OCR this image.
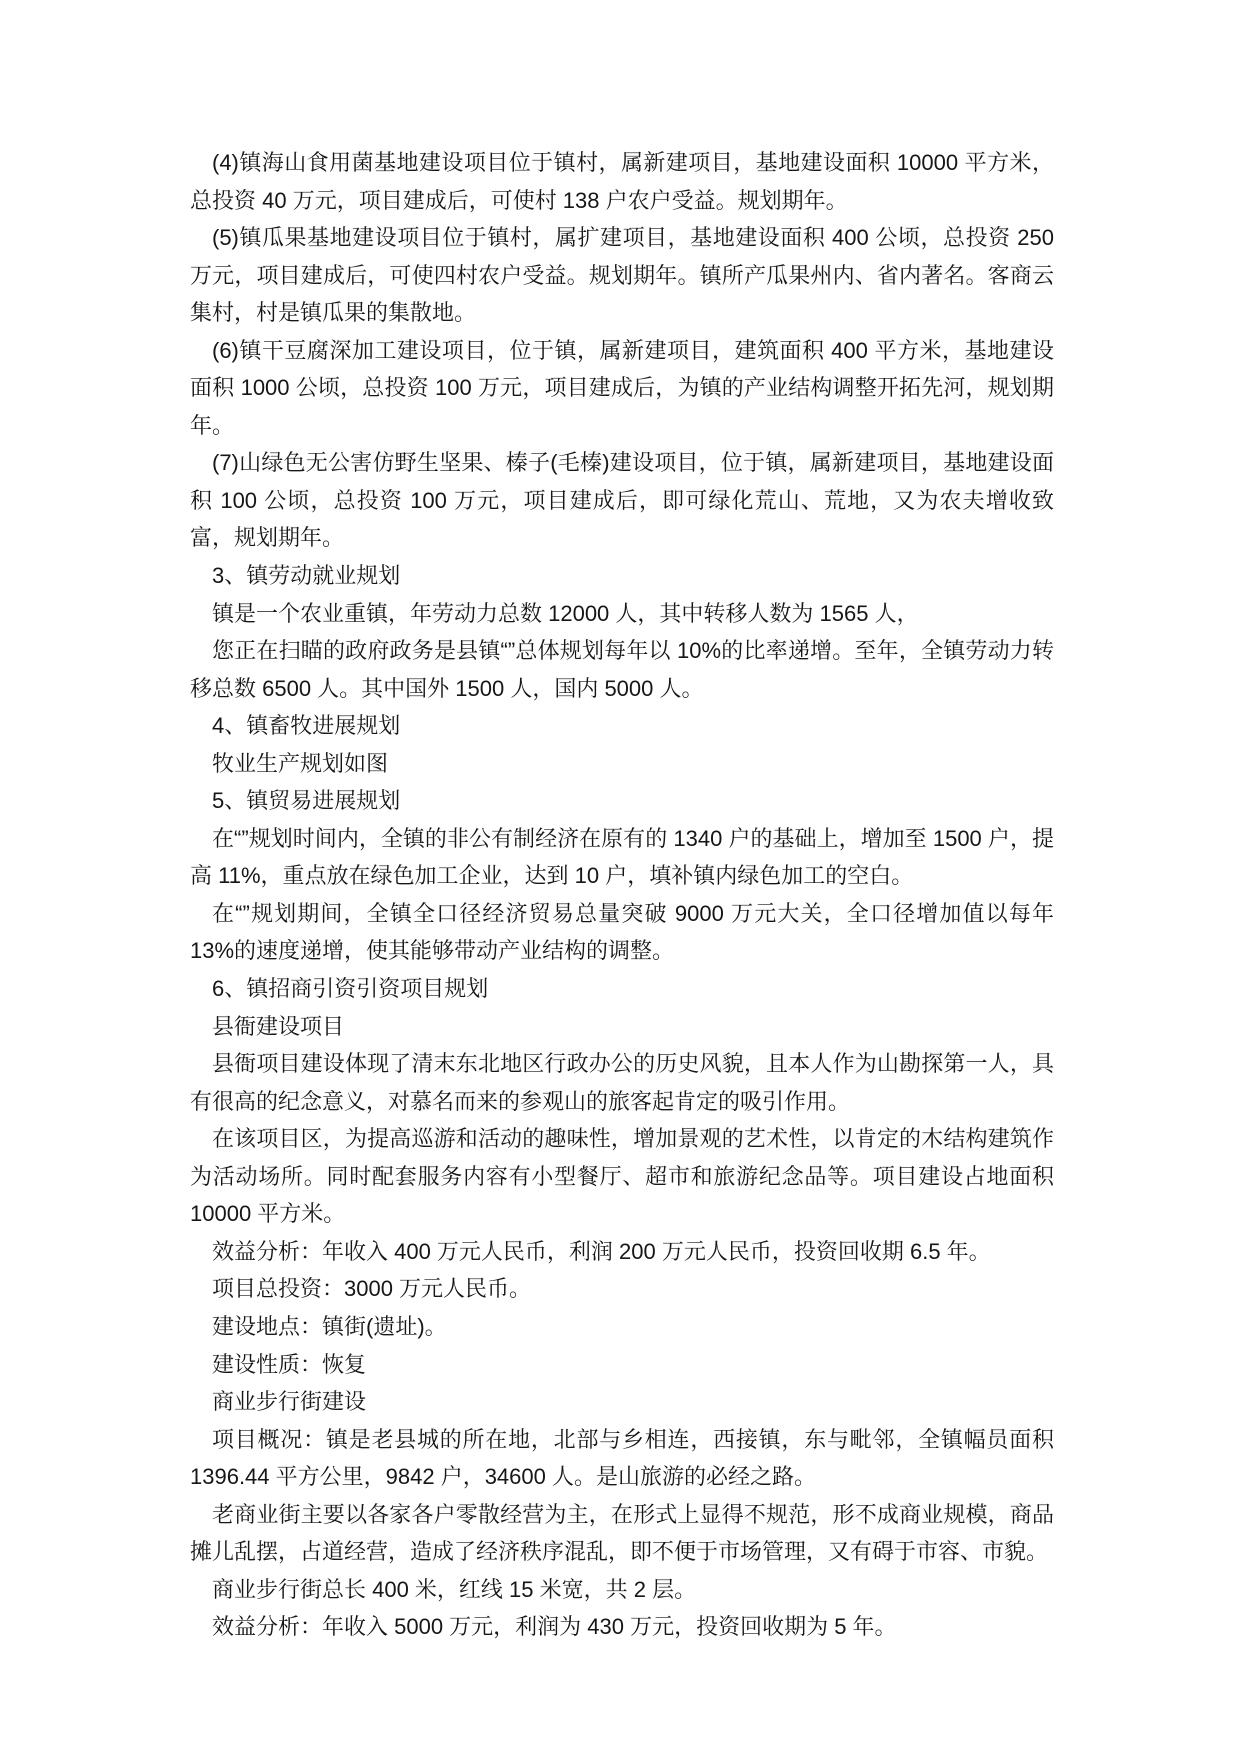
(4)镇海山食用菌基地建设项目位于镇村，属新建项目，基地建设面积 10000 平方米，总投资 40 万元，项目建成后，可使村 138 户农户受益。规划期年。

(5)镇瓜果基地建设项目位于镇村，属扩建项目，基地建设面积 400 公顷，总投资 250 万元，项目建成后，可使四村农户受益。规划期年。镇所产瓜果州内、省内著名。客商云集村，村是镇瓜果的集散地。

(6)镇干豆腐深加工建设项目，位于镇，属新建项目，建筑面积 400 平方米，基地建设面积 1000 公顷，总投资 100 万元，项目建成后，为镇的产业结构调整开拓先河，规划期年。

(7)山绿色无公害仿野生坚果、榛子(毛榛)建设项目，位于镇，属新建项目，基地建设面积 100 公顷，总投资 100 万元，项目建成后，即可绿化荒山、荒地，又为农夫增收致富，规划期年。

3、镇劳动就业规划

镇是一个农业重镇，年劳动力总数 12000 人，其中转移人数为 1565 人，

您正在扫瞄的政府政务是县镇“”总体规划每年以 10%的比率递增。至年，全镇劳动力转移总数 6500 人。其中国外 1500 人，国内 5000 人。

4、镇畜牧进展规划

牧业生产规划如图

5、镇贸易进展规划

在“”规划时间内，全镇的非公有制经济在原有的 1340 户的基础上，增加至 1500 户，提高 11%，重点放在绿色加工企业，达到 10 户，填补镇内绿色加工的空白。

在“”规划期间，全镇全口径经济贸易总量突破 9000 万元大关，全口径增加值以每年 13%的速度递增，使其能够带动产业结构的调整。

6、镇招商引资引资项目规划

县衙建设项目

县衙项目建设体现了清末东北地区行政办公的历史风貌，且本人作为山勘探第一人，具有很高的纪念意义，对慕名而来的参观山的旅客起肯定的吸引作用。

在该项目区，为提高巡游和活动的趣味性，增加景观的艺术性，以肯定的木结构建筑作为活动场所。同时配套服务内容有小型餐厅、超市和旅游纪念品等。项目建设占地面积 10000 平方米。

效益分析：年收入 400 万元人民币，利润 200 万元人民币，投资回收期 6.5 年。

项目总投资：3000 万元人民币。

建设地点：镇街(遗址)。

建设性质：恢复

商业步行街建设

项目概况：镇是老县城的所在地，北部与乡相连，西接镇，东与毗邻，全镇幅员面积 1396.44 平方公里，9842 户，34600 人。是山旅游的必经之路。

老商业街主要以各家各户零散经营为主，在形式上显得不规范，形不成商业规模，商品摊儿乱摆，占道经营，造成了经济秩序混乱，即不便于市场管理，又有碍于市容、市貌。

商业步行街总长 400 米，红线 15 米宽，共 2 层。

效益分析：年收入 5000 万元，利润为 430 万元，投资回收期为 5 年。
